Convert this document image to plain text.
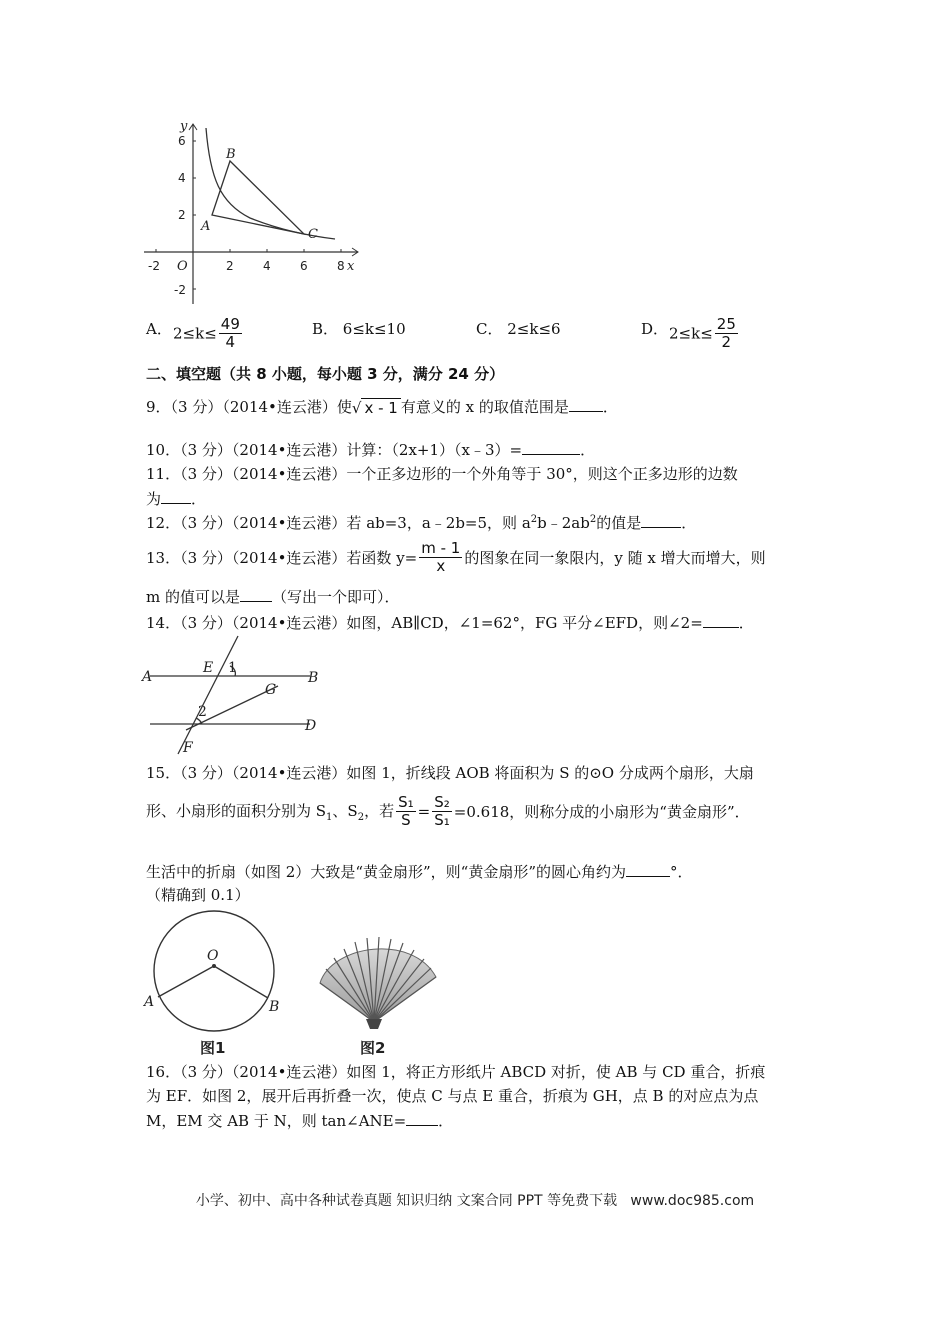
y
x
O
B
A
C
6
4
2
-2
-2	2 4 6 8
A． $2\le k\le \frac{49}{4}$	B． 6≤k≤10	C． 2≤k≤6	D． $2\le k\le \frac{25}{2}$
二、填空题（共 8 小题，每小题 3 分，满分 24 分）
9．（3 分）（2014•连云港）使√ x - 1 有意义的 x 的取值范围是 ．
10．（3 分）（2014•连云港）计算：（2x+1）（x﹣3）=	．
11．（3 分）（2014•连云港）一个正多边形的一个外角等于 30°，则这个正多边形的边数
为 ．
12．（3 分）（2014•连云港）若 ab=3，a﹣2b=5，则 $a^2b﹣2ab^2$的值是	．
13．（3 分）（2014•连云港）若函数 $y= \frac{m - 1}{x}$ 的图象在同一象限内，y 随 x 增大而增大，则
m 的值可以是 （写出一个即可）．
14．（3 分）（2014•连云港）如图，AB∥CD，∠1=62°，FG 平分∠EFD，则∠2= ．
A	B
D
E
F
G
1
2
15．（3 分）（2014•连云港）如图 1，折线段 AOB 将面积为 S 的⊙O 分成两个扇形，大扇
形、小扇形的面积分别为 $S_1$、$S_2$，若 $\frac{\text{S₁}}{S} = \frac{\text{S₂}}{\text{S₁}} =0.618$，则称分成的小扇形为“黄金扇形”．
生活中的折扇（如图 2）大致是“黄金扇形”，则“黄金扇形”的圆心角约为	°．
（精确到 0.1）
O
A	B
图1	图2
16．（3 分）（2014•连云港）如图 1，将正方形纸片 ABCD 对折，使 AB 与 CD 重合，折痕
为 EF．如图 2，展开后再折叠一次，使点 C 与点 E 重合，折痕为 GH，点 B 的对应点为点
M，EM 交 AB 于 N，则 tan∠ANE= ．
小学、初中、高中各种试卷真题 知识归纳 文案合同 PPT 等免费下载   www.doc985.com
